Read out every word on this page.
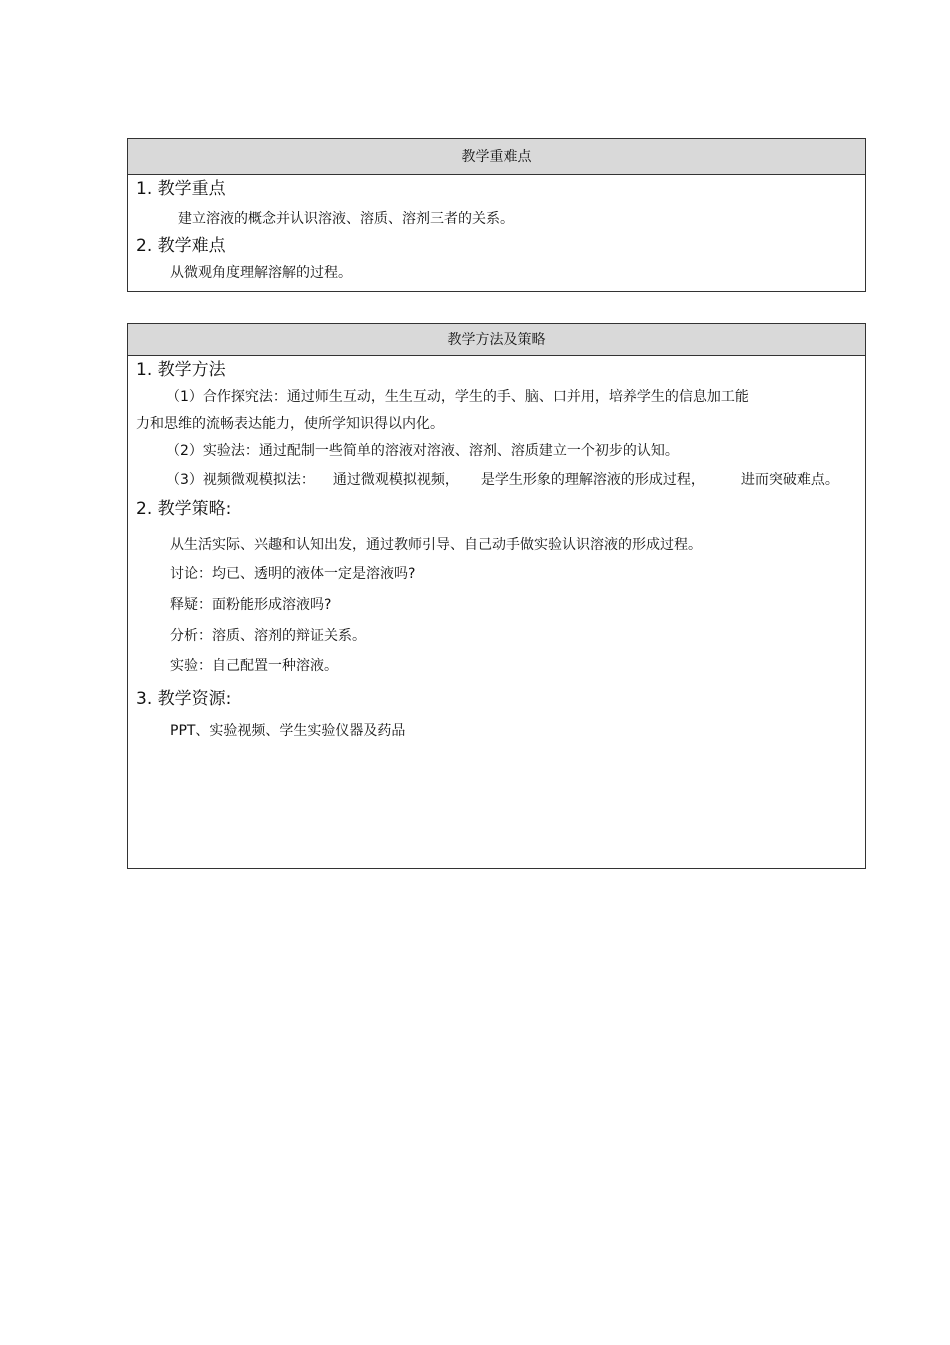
教学重难点
1. 教学重点
建立溶液的概念并认识溶液、溶质、溶剂三者的关系。
2. 教学难点
从微观角度理解溶解的过程。
教学方法及策略
1. 教学方法
（1）合作探究法：通过师生互动，生生互动，学生的手、脑、口并用，培养学生的信息加工能
力和思维的流畅表达能力，使所学知识得以内化。
（2）实验法：通过配制一些简单的溶液对溶液、溶剂、溶质建立一个初步的认知。
（3）视频微观模拟法： 通过微观模拟视频， 是学生形象的理解溶液的形成过程，	进而突破难点。
2. 教学策略:
从生活实际、兴趣和认知出发，通过教师引导、自己动手做实验认识溶液的形成过程。
讨论：均已、透明的液体一定是溶液吗?
释疑：面粉能形成溶液吗?
分析：溶质、溶剂的辩证关系。
实验：自己配置一种溶液。
3. 教学资源:
PPT、实验视频、学生实验仪器及药品
